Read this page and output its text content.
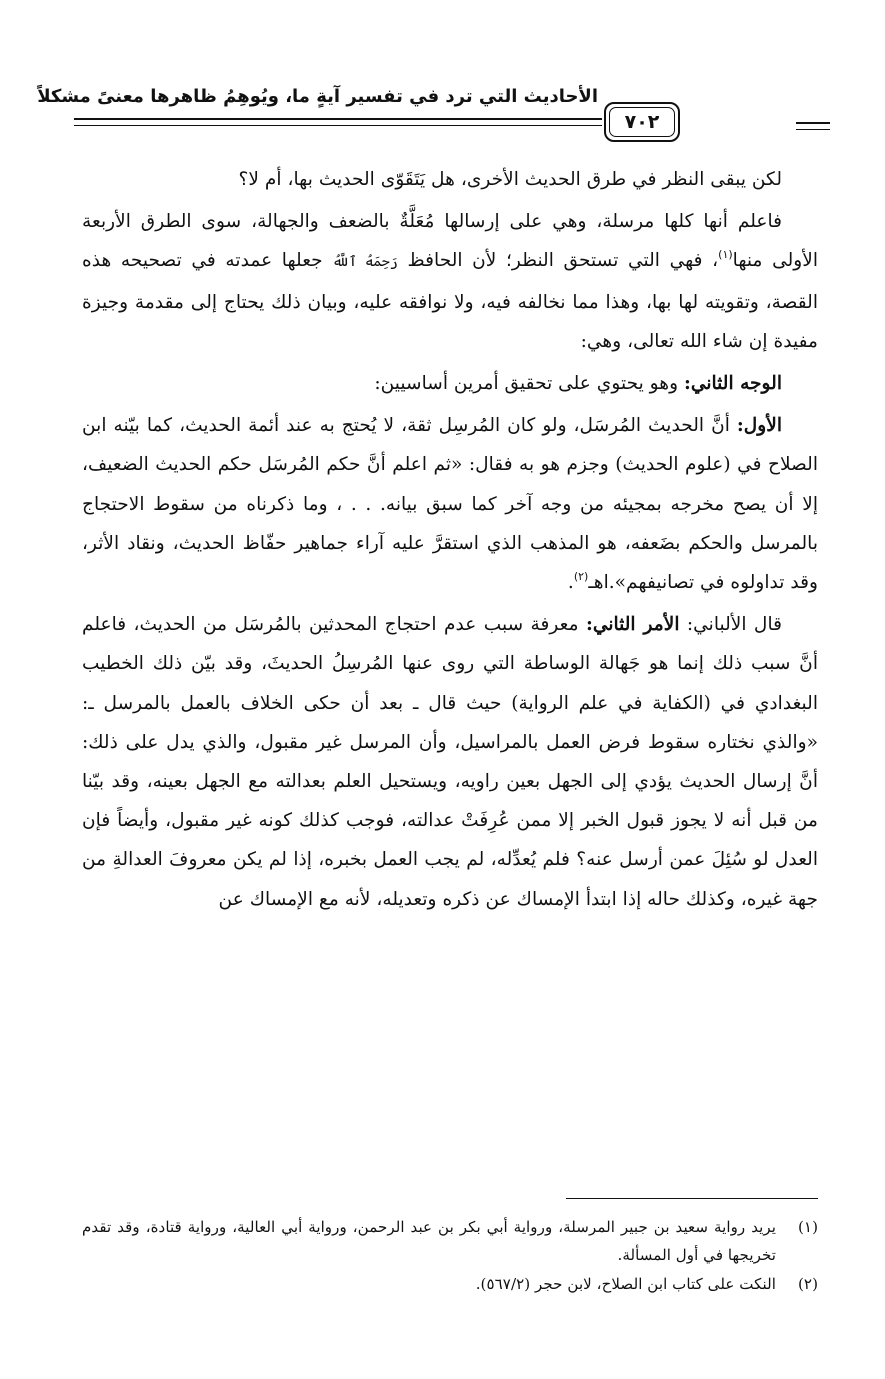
الأحاديث التي ترد في تفسير آيةٍ ما، ويُوهِمُ ظاهرها معنىً مشكلاً
٧٠٢

لكن يبقى النظر في طرق الحديث الأخرى، هل يَتَقَوّى الحديث بها، أم لا؟

فاعلم أنها كلها مرسلة، وهي على إرسالها مُعَلَّةٌ بالضعف والجهالة، سوى الطرق الأربعة الأولى منها$^{(١)}$، فهي التي تستحق النظر؛ لأن الحافظ رَحِمَهُ ٱللَّهُ جعلها عمدته في تصحيحه هذه القصة، وتقويته لها بها، وهذا مما نخالفه فيه، ولا نوافقه عليه، وبيان ذلك يحتاج إلى مقدمة وجيزة مفيدة إن شاء الله تعالى، وهي:

الوجه الثاني: وهو يحتوي على تحقيق أمرين أساسيين:

الأول: أنَّ الحديث المُرسَل، ولو كان المُرسِل ثقة، لا يُحتج به عند أئمة الحديث، كما بيّنه ابن الصلاح في (علوم الحديث) وجزم هو به فقال: «ثم اعلم أنَّ حكم المُرسَل حكم الحديث الضعيف، إلا أن يصح مخرجه بمجيئه من وجه آخر كما سبق بيانه. . . ، وما ذكرناه من سقوط الاحتجاج بالمرسل والحكم بضَعفه، هو المذهب الذي استقرَّ عليه آراء جماهير حفّاظ الحديث، ونقاد الأثر، وقد تداولوه في تصانيفهم».اهـ$^{(٢)}$.

قال الألباني: الأمر الثاني: معرفة سبب عدم احتجاج المحدثين بالمُرسَل من الحديث، فاعلم أنَّ سبب ذلك إنما هو جَهالة الوساطة التي روى عنها المُرسِلُ الحديثَ، وقد بيّن ذلك الخطيب البغدادي في (الكفاية في علم الرواية) حيث قال ـ بعد أن حكى الخلاف بالعمل بالمرسل ـ: «والذي نختاره سقوط فرض العمل بالمراسيل، وأن المرسل غير مقبول، والذي يدل على ذلك: أنَّ إرسال الحديث يؤدي إلى الجهل بعين راويه، ويستحيل العلم بعدالته مع الجهل بعينه، وقد بيّنا من قبل أنه لا يجوز قبول الخبر إلا ممن عُرِفَتْ عدالته، فوجب كذلك كونه غير مقبول، وأيضاً فإن العدل لو سُئِلَ عمن أرسل عنه؟ فلم يُعدِّله، لم يجب العمل بخبره، إذا لم يكن معروفَ العدالةِ من جهة غيره، وكذلك حاله إذا ابتدأ الإمساك عن ذكره وتعديله، لأنه مع الإمساك عن

(١)
يريد رواية سعيد بن جبير المرسلة، ورواية أبي بكر بن عبد الرحمن، ورواية أبي العالية، ورواية قتادة، وقد تقدم تخريجها في أول المسألة.
(٢)
النكت على كتاب ابن الصلاح، لابن حجر (٥٦٧/٢).
